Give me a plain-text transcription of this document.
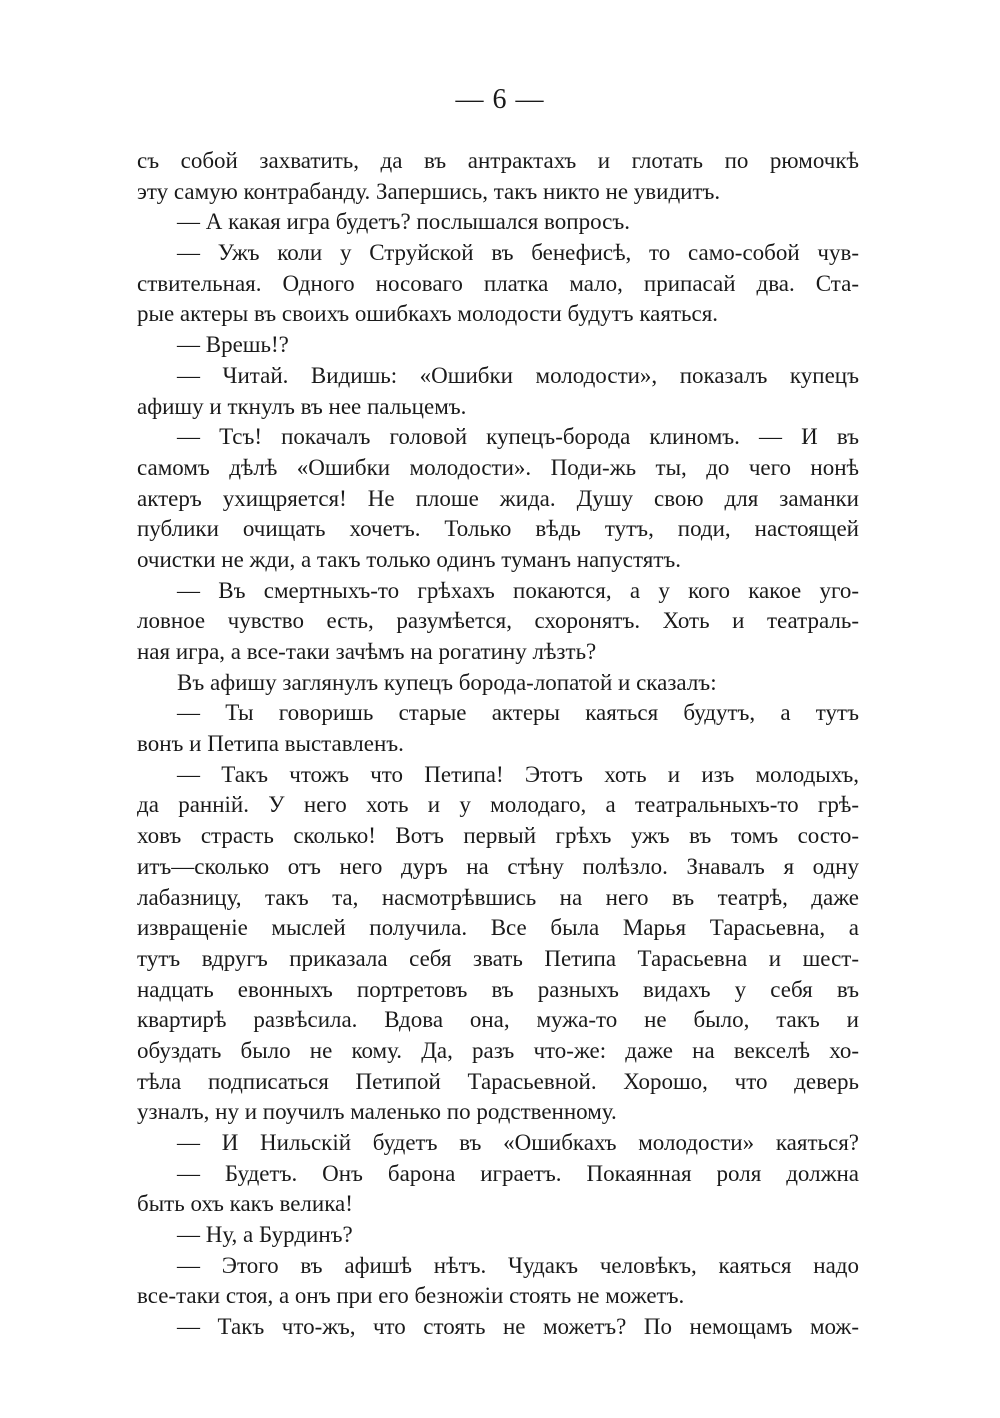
— 6 —
съ собой захватить, да въ антрактахъ и глотать по рюмочкѣ
эту самую контрабанду. Запершись, такъ никто не увидитъ.
— А какая игра будетъ? послышался вопросъ.
— Ужъ коли у Струйской въ бенефисѣ, то само-собой чув-
ствительная. Одного носоваго платка мало, припасай два. Ста-
рые актеры въ своихъ ошибкахъ молодости будутъ каяться.
— Врешь!?
— Читай. Видишь: «Ошибки молодости», показалъ купецъ
афишу и ткнулъ въ нее пальцемъ.
— Тсъ! покачалъ головой купецъ-борода клиномъ. — И въ
самомъ дѣлѣ «Ошибки молодости». Поди-жь ты, до чего нонѣ
актеръ ухищряется! Не плоше жида. Душу свою для заманки
публики очищать хочетъ. Только вѣдь тутъ, поди, настоящей
очистки не жди, а такъ только одинъ туманъ напустятъ.
— Въ смертныхъ-то грѣхахъ покаются, а у кого какое уго-
ловное чувство есть, разумѣется, схоронятъ. Хоть и театраль-
ная игра, а все-таки зачѣмъ на рогатину лѣзть?
Въ афишу заглянулъ купецъ борода-лопатой и сказалъ:
— Ты говоришь старые актеры каяться будутъ, а тутъ
вонъ и Петипа выставленъ.
— Такъ чтожъ что Петипа! Этотъ хоть и изъ молодыхъ,
да ранній. У него хоть и у молодаго, а театральныхъ-то грѣ-
ховъ страсть сколько! Вотъ первый грѣхъ ужъ въ томъ состо-
итъ—сколько отъ него дуръ на стѣну полѣзло. Знавалъ я одну
лабазницу, такъ та, насмотрѣвшись на него въ театрѣ, даже
извращеніе мыслей получила. Все была Марья Тарасьевна, а
тутъ вдругъ приказала себя звать Петипа Тарасьевна и шест-
надцать евонныхъ портретовъ въ разныхъ видахъ у себя въ
квартирѣ развѣсила. Вдова она, мужа-то не было, такъ и
обуздать было не кому. Да, разъ что-же: даже на векселѣ хо-
тѣла подписаться Петипой Тарасьевной. Хорошо, что деверь
узналъ, ну и поучилъ маленько по родственному.
— И Нильскій будетъ въ «Ошибкахъ молодости» каяться?
— Будетъ. Онъ барона играетъ. Покаянная роля должна
быть охъ какъ велика!
— Ну, а Бурдинъ?
— Этого въ афишѣ нѣтъ. Чудакъ человѣкъ, каяться надо
все-таки стоя, а онъ при его безножіи стоять не можетъ.
— Такъ что-жъ, что стоять не можетъ? По немощамъ мож-
